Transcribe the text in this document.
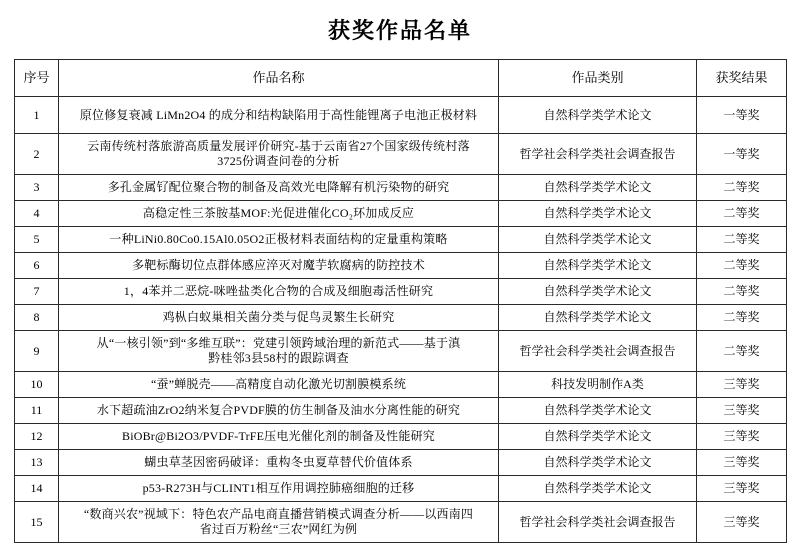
获奖作品名单
序号	作品名称	作品类别	获奖结果
1	原位修复衰减 LiMn2O4 的成分和结构缺陷用于高性能锂离子电池正极材料	自然科学类学术论文	一等奖
2	云南传统村落旅游高质量发展评价研究-基于云南省27个国家级传统村落
3725份调查问卷的分析	哲学社会科学类社会调查报告	一等奖
3	多孔金属钌配位聚合物的制备及高效光电降解有机污染物的研究	自然科学类学术论文	二等奖
4	高稳定性三茶胺基MOF:光促进催化CO₂环加成反应	自然科学类学术论文	二等奖
5	一种LiNi0.80Co0.15Al0.05O2正极材料表面结构的定量重构策略	自然科学类学术论文	二等奖
6	多靶标酶切位点群体感应淬灭对魔芋软腐病的防控技术	自然科学类学术论文	二等奖
7	1，4苯并二恶烷-咪唑盐类化合物的合成及细胞毒活性研究	自然科学类学术论文	二等奖
8	鸡枞白蚁巢相关菌分类与促鸟灵繁生长研究	自然科学类学术论文	二等奖
9	从“一核引领”到“多维互联”：党建引领跨域治理的新范式——基于滇
黔桂邻3县58村的跟踪调查	哲学社会科学类社会调查报告	二等奖
10	“蚕”蝉脱壳——高精度自动化激光切割膜模系统	科技发明制作A类	三等奖
11	水下超疏油ZrO2纳米复合PVDF膜的仿生制备及油水分离性能的研究	自然科学类学术论文	三等奖
12	BiOBr@Bi2O3/PVDF-TrFE压电光催化剂的制备及性能研究	自然科学类学术论文	三等奖
13	蝴虫草茎因密码破译：重构冬虫夏草替代价值体系	自然科学类学术论文	三等奖
14	p53-R273H与CLINT1相互作用调控肺癌细胞的迁移	自然科学类学术论文	三等奖
15	“数商兴农”视域下：特色农产品电商直播营销模式调查分析——以西南四
省过百万粉丝“三农”网红为例	哲学社会科学类社会调查报告	三等奖
